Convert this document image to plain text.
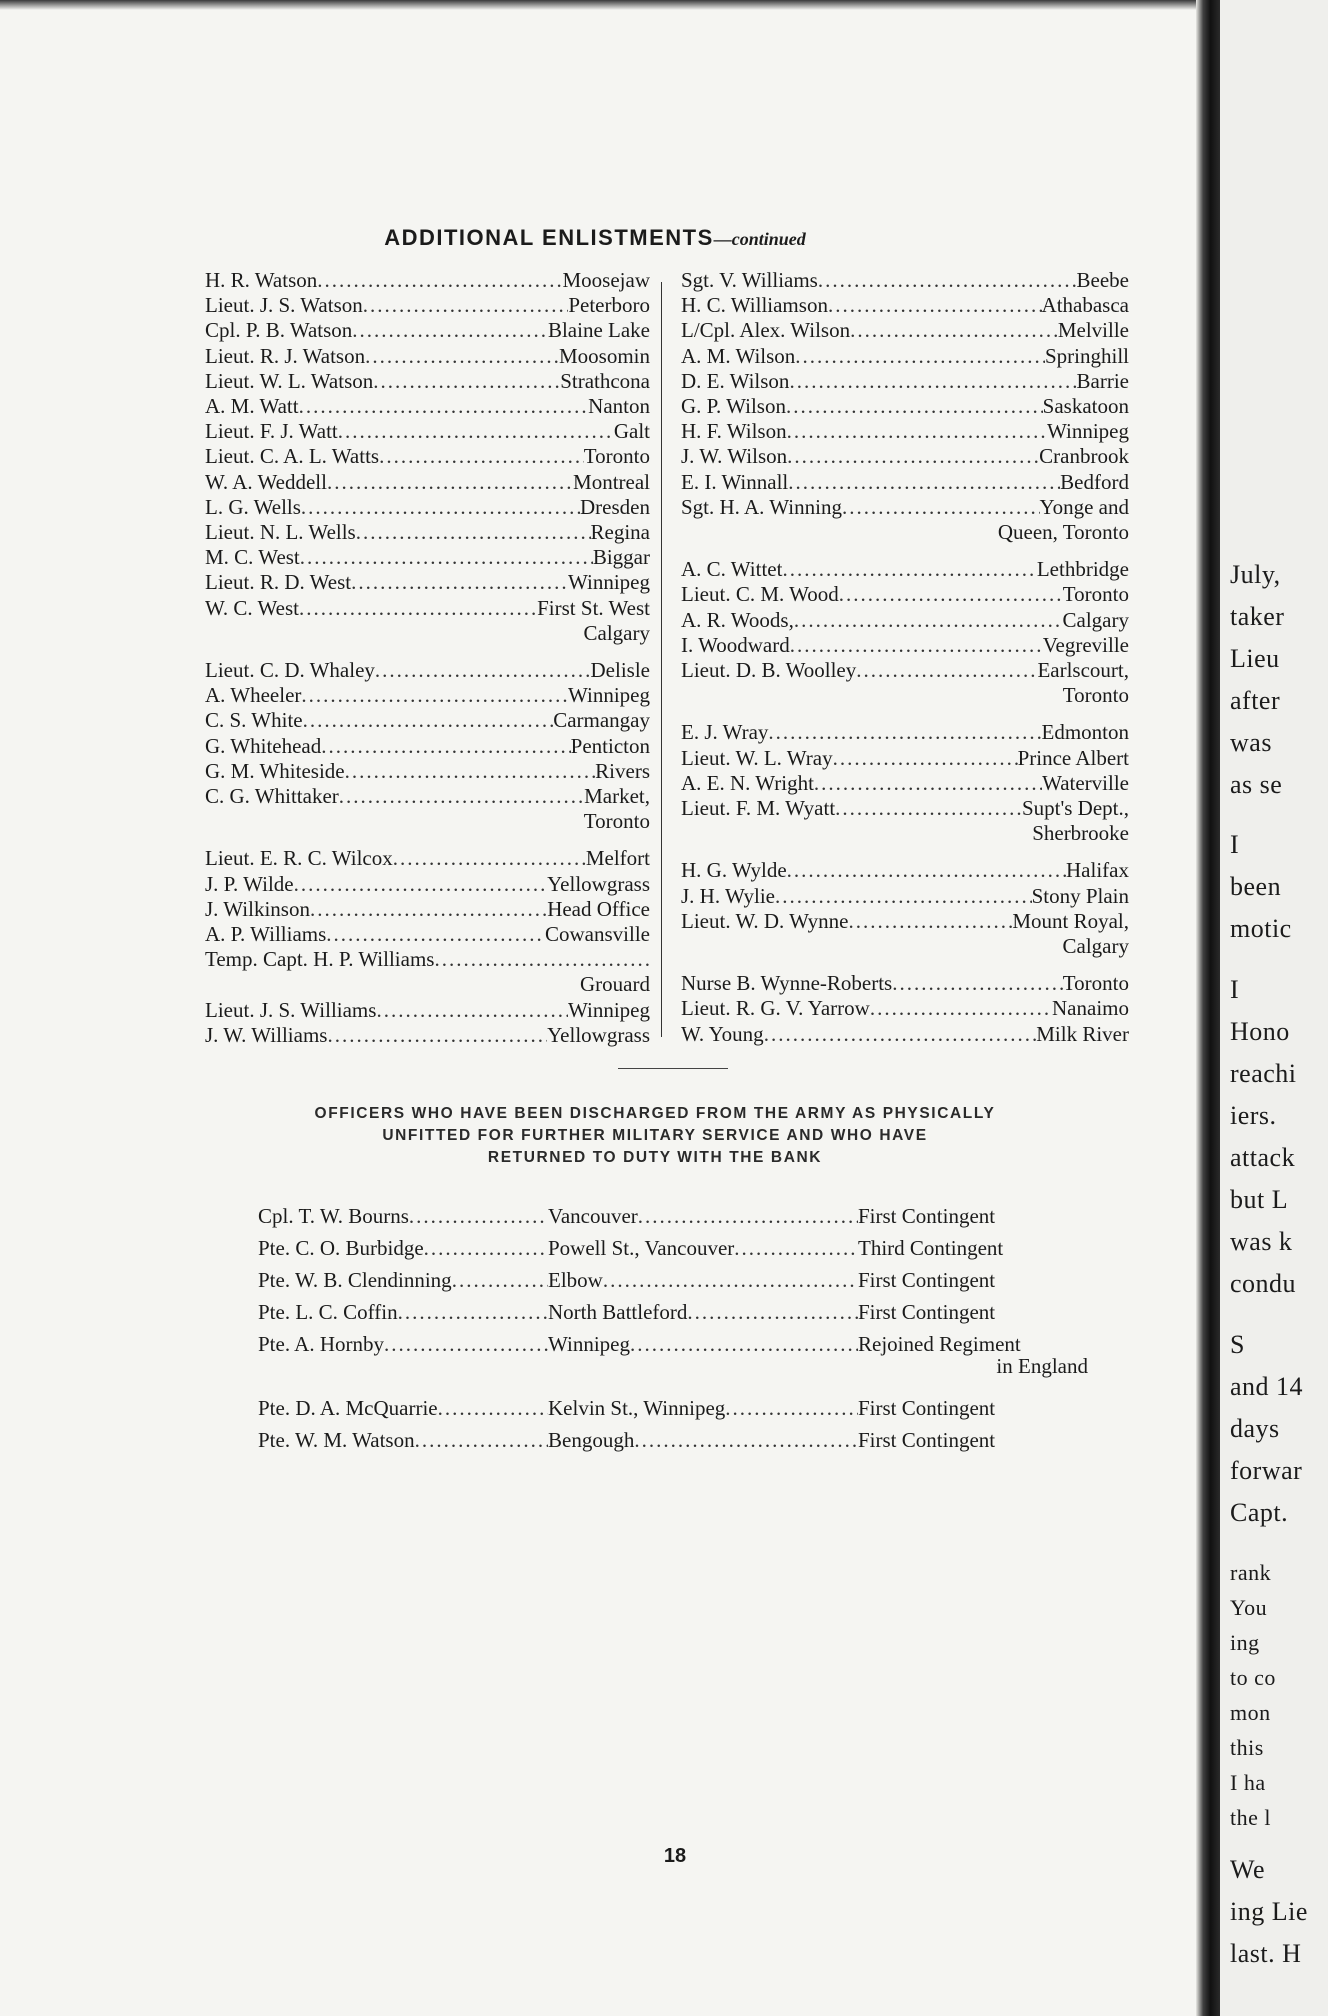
July,
taker
Lieu
after
was
as se
I
been
motic
I
Hono
reachi
iers.
attack
but L
was k
condu
S
and 14
days
forwar
Capt.
rank
You
ing
to co
mon
this
I ha
the l
We
ing Lie
last. H
ADDITIONAL ENLISTMENTS—continued
H. R. Watson .....	Moosejaw
Lieut. J. S. Watson .....	Peterboro
Cpl. P. B. Watson .....	Blaine Lake
Lieut. R. J. Watson .....	Moosomin
Lieut. W. L. Watson .....	Strathcona
A. M. Watt .....	Nanton
Lieut. F. J. Watt .....	Galt
Lieut. C. A. L. Watts .....	Toronto
W. A. Weddell .....	Montreal
L. G. Wells .....	Dresden
Lieut. N. L. Wells .....	Regina
M. C. West .....	Biggar
Lieut. R. D. West .....	Winnipeg
W. C. West .....	First St. West
Calgary
Lieut. C. D. Whaley .....	Delisle
A. Wheeler .....	Winnipeg
C. S. White .....	Carmangay
G. Whitehead .....	Penticton
G. M. Whiteside .....	Rivers
C. G. Whittaker .....	Market,
Toronto
Lieut. E. R. C. Wilcox .....	Melfort
J. P. Wilde .....	Yellowgrass
J. Wilkinson .....	Head Office
A. P. Williams .....	Cowansville
Temp. Capt. H. P. Williams
.....
Grouard
Lieut. J. S. Williams .....	Winnipeg
J. W. Williams .....	Yellowgrass
Sgt. V. Williams .....	Beebe
H. C. Williamson .....	Athabasca
L/Cpl. Alex. Wilson .....	Melville
A. M. Wilson .....	Springhill
D. E. Wilson .....	Barrie
G. P. Wilson .....	Saskatoon
H. F. Wilson .....	Winnipeg
J. W. Wilson .....	Cranbrook
E. I. Winnall .....	Bedford
Sgt. H. A. Winning .....	Yonge and
Queen, Toronto
A. C. Wittet .....	Lethbridge
Lieut. C. M. Wood .....	Toronto
A. R. Woods, .....	Calgary
I. Woodward .....	Vegreville
Lieut. D. B. Woolley .....	Earlscourt,
Toronto
E. J. Wray .....	Edmonton
Lieut. W. L. Wray .....	Prince Albert
A. E. N. Wright .....	Waterville
Lieut. F. M. Wyatt .....	Supt's Dept.,
Sherbrooke
H. G. Wylde .....	Halifax
J. H. Wylie .....	Stony Plain
Lieut. W. D. Wynne .....	Mount Royal,
Calgary
Nurse B. Wynne-Roberts .....	Toronto
Lieut. R. G. V. Yarrow .....	Nanaimo
W. Young .....	Milk River
OFFICERS WHO HAVE BEEN DISCHARGED FROM THE ARMY AS PHYSICALLY
UNFITTED FOR FURTHER MILITARY SERVICE AND WHO HAVE
RETURNED TO DUTY WITH THE BANK
Cpl. T. W. Bourns .....	Vancouver .....	First Contingent
Pte. C. O. Burbidge .....	Powell St., Vancouver .....	Third Contingent
Pte. W. B. Clendinning .....	Elbow .....	First Contingent
Pte. L. C. Coffin .....	North Battleford .....	First Contingent
Pte. A. Hornby .....	Winnipeg .....	Rejoined Regiment
in England
Pte. D. A. McQuarrie .....	Kelvin St., Winnipeg .....	First Contingent
Pte. W. M. Watson .....	Bengough .....	First Contingent
18
